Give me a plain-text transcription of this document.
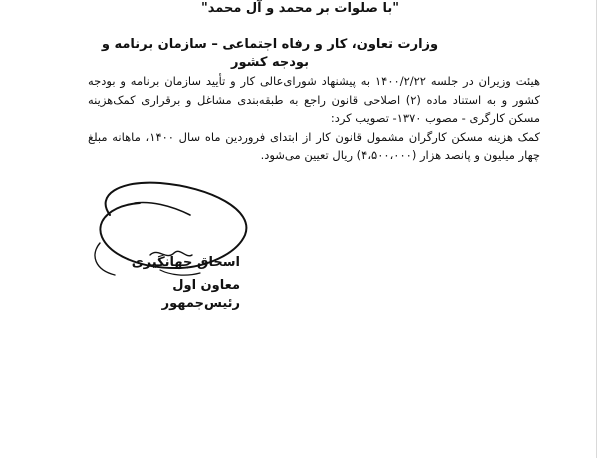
"با صلوات بر محمد و آل محمد"
وزارت تعاون، کار و رفاه اجتماعی – سازمان برنامه و بودجه کشور

هیئت وزیران در جلسه ۱۴۰۰/۲/۲۲ به پیشنهاد شورای‌عالی کار و تأیید سازمان برنامه و بودجه کشور و به استناد ماده (۲) اصلاحی قانون راجع به طبقه‌بندی مشاغل و برقراری کمک‌هزینه مسکن کارگری - مصوب ۱۳۷۰- تصویب کرد:

کمک هزینه مسکن کارگران مشمول قانون کار از ابتدای فروردین ماه سال ۱۴۰۰، ماهانه مبلغ چهار میلیون و پانصد هزار (۴،۵۰۰،۰۰۰) ریال تعیین می‌شود.

اسحاق جهانگیری
معاون اول رئیس‌جمهور
